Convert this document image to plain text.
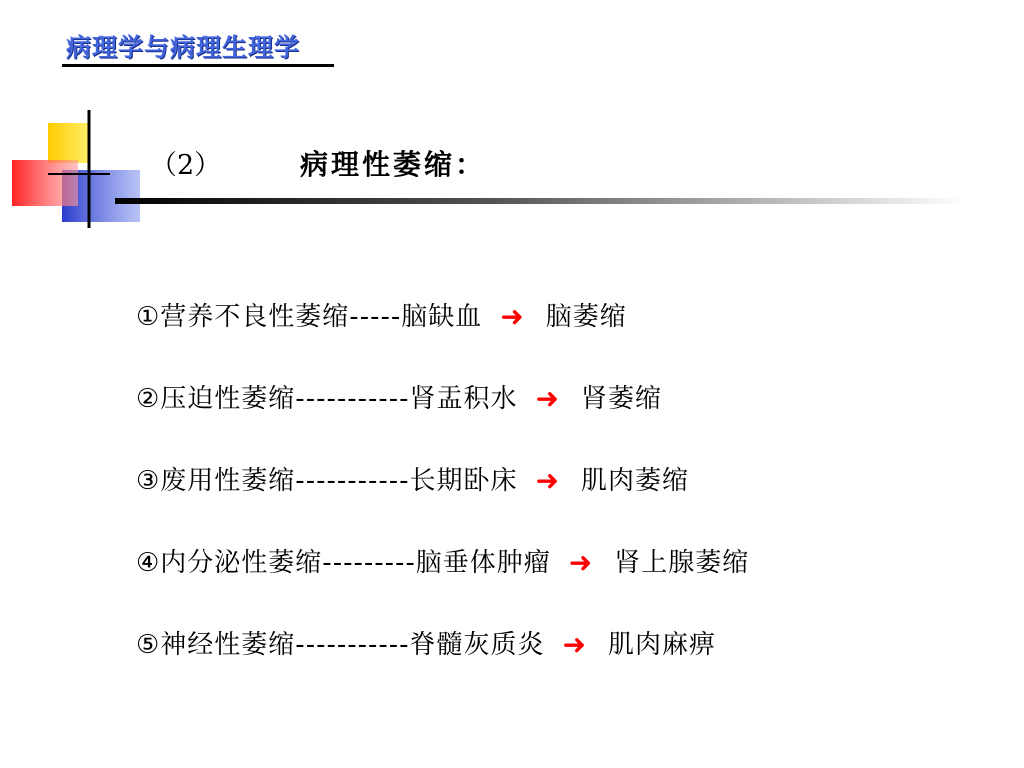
病理学与病理生理学
（2）	病理性萎缩：
①营养不良性萎缩-----脑缺血 ➜ 脑萎缩
②压迫性萎缩-----------肾盂积水 ➜ 肾萎缩
③废用性萎缩-----------长期卧床 ➜ 肌肉萎缩
④内分泌性萎缩---------脑垂体肿瘤 ➜ 肾上腺萎缩
⑤神经性萎缩-----------脊髓灰质炎 ➜ 肌肉麻痹
